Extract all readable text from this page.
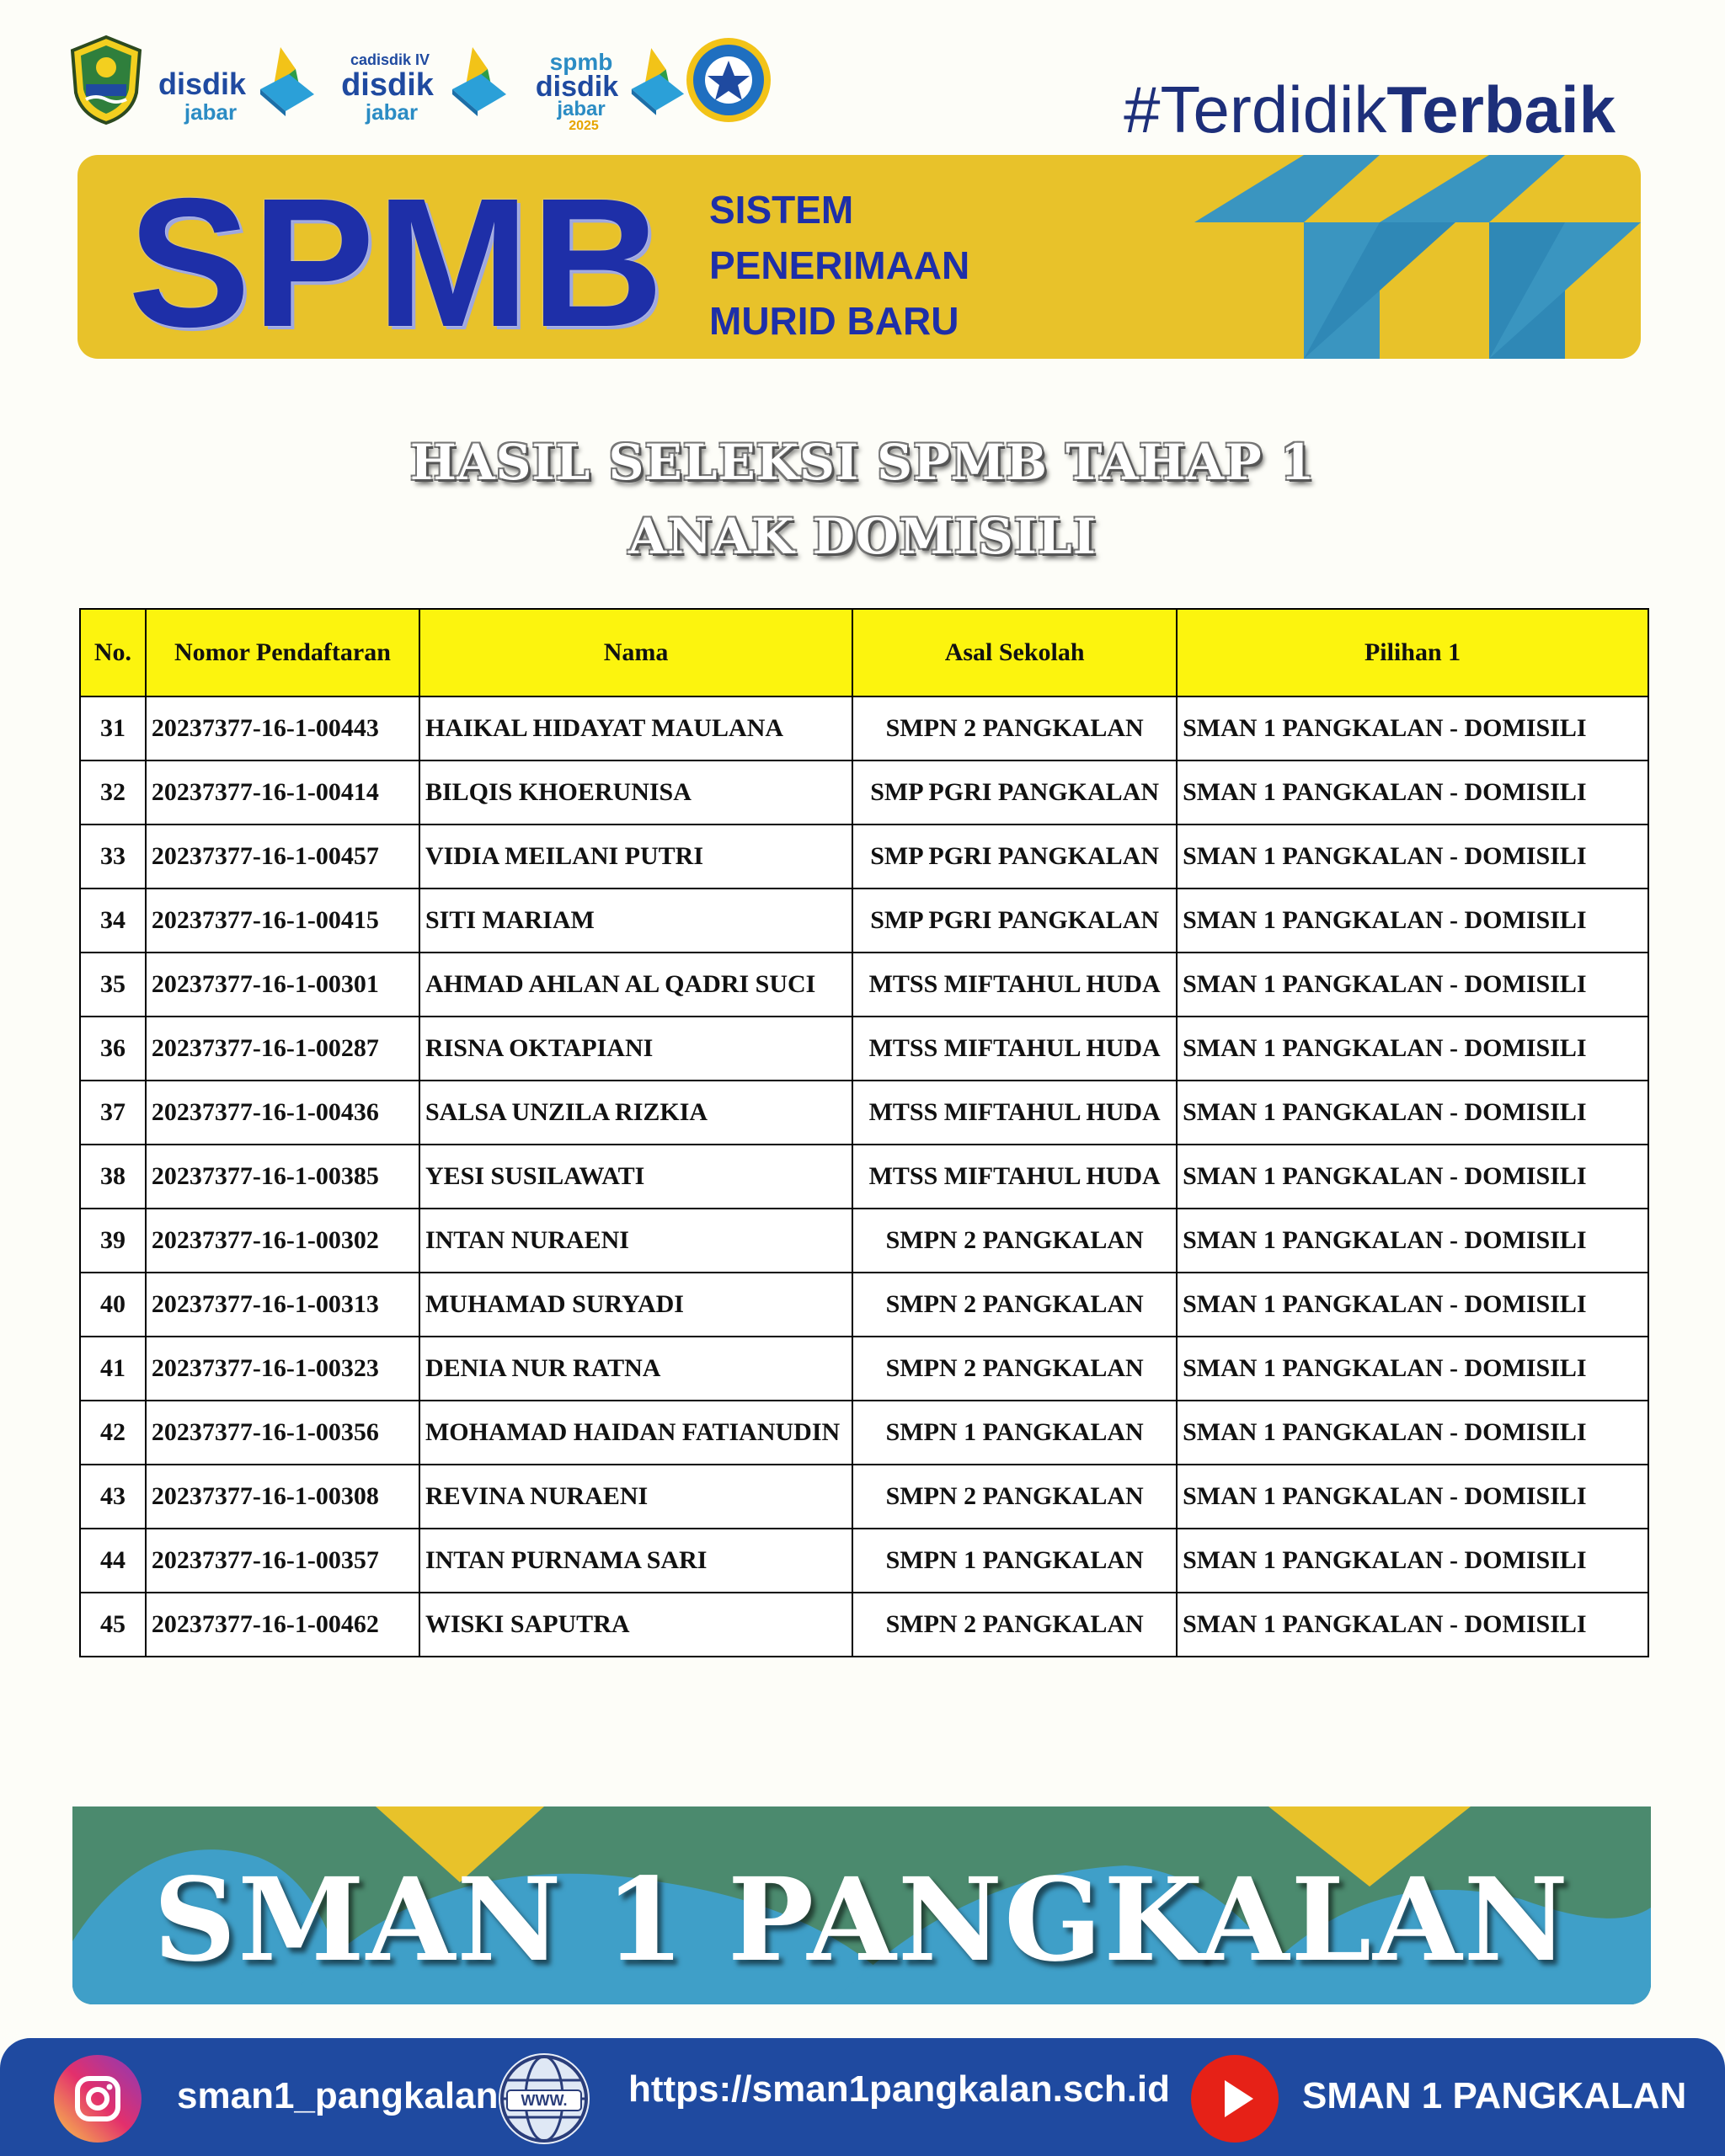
disdik
jabar
cadisdik IV
disdik
jabar
spmb
disdik
jabar
2025	#TerdidikTerbaik
SPMB SISTEM
PENERIMAAN
MURID BARU
HASIL SELEKSI SPMB TAHAP 1
ANAK DOMISILI
No.	Nomor Pendaftaran	Nama	Asal Sekolah	Pilihan 1
31	20237377-16-1-00443	HAIKAL HIDAYAT MAULANA	SMPN 2 PANGKALAN	SMAN 1 PANGKALAN - DOMISILI
32	20237377-16-1-00414	BILQIS KHOERUNISA	SMP PGRI PANGKALAN	SMAN 1 PANGKALAN - DOMISILI
33	20237377-16-1-00457	VIDIA MEILANI PUTRI	SMP PGRI PANGKALAN	SMAN 1 PANGKALAN - DOMISILI
34	20237377-16-1-00415	SITI MARIAM	SMP PGRI PANGKALAN	SMAN 1 PANGKALAN - DOMISILI
35	20237377-16-1-00301	AHMAD AHLAN AL QADRI SUCI	MTSS MIFTAHUL HUDA	SMAN 1 PANGKALAN - DOMISILI
36	20237377-16-1-00287	RISNA OKTAPIANI	MTSS MIFTAHUL HUDA	SMAN 1 PANGKALAN - DOMISILI
37	20237377-16-1-00436	SALSA UNZILA RIZKIA	MTSS MIFTAHUL HUDA	SMAN 1 PANGKALAN - DOMISILI
38	20237377-16-1-00385	YESI SUSILAWATI	MTSS MIFTAHUL HUDA	SMAN 1 PANGKALAN - DOMISILI
39	20237377-16-1-00302	INTAN NURAENI	SMPN 2 PANGKALAN	SMAN 1 PANGKALAN - DOMISILI
40	20237377-16-1-00313	MUHAMAD SURYADI	SMPN 2 PANGKALAN	SMAN 1 PANGKALAN - DOMISILI
41	20237377-16-1-00323	DENIA NUR RATNA	SMPN 2 PANGKALAN	SMAN 1 PANGKALAN - DOMISILI
42	20237377-16-1-00356	MOHAMAD HAIDAN FATIANUDIN	SMPN 1 PANGKALAN	SMAN 1 PANGKALAN - DOMISILI
43	20237377-16-1-00308	REVINA NURAENI	SMPN 2 PANGKALAN	SMAN 1 PANGKALAN - DOMISILI
44	20237377-16-1-00357	INTAN PURNAMA SARI	SMPN 1 PANGKALAN	SMAN 1 PANGKALAN - DOMISILI
45	20237377-16-1-00462	WISKI SAPUTRA	SMPN 2 PANGKALAN	SMAN 1 PANGKALAN - DOMISILI
SMAN 1 PANGKALAN
sman1_pangkalan WWW. https://sman1pangkalan.sch.id	SMAN 1 PANGKALAN
